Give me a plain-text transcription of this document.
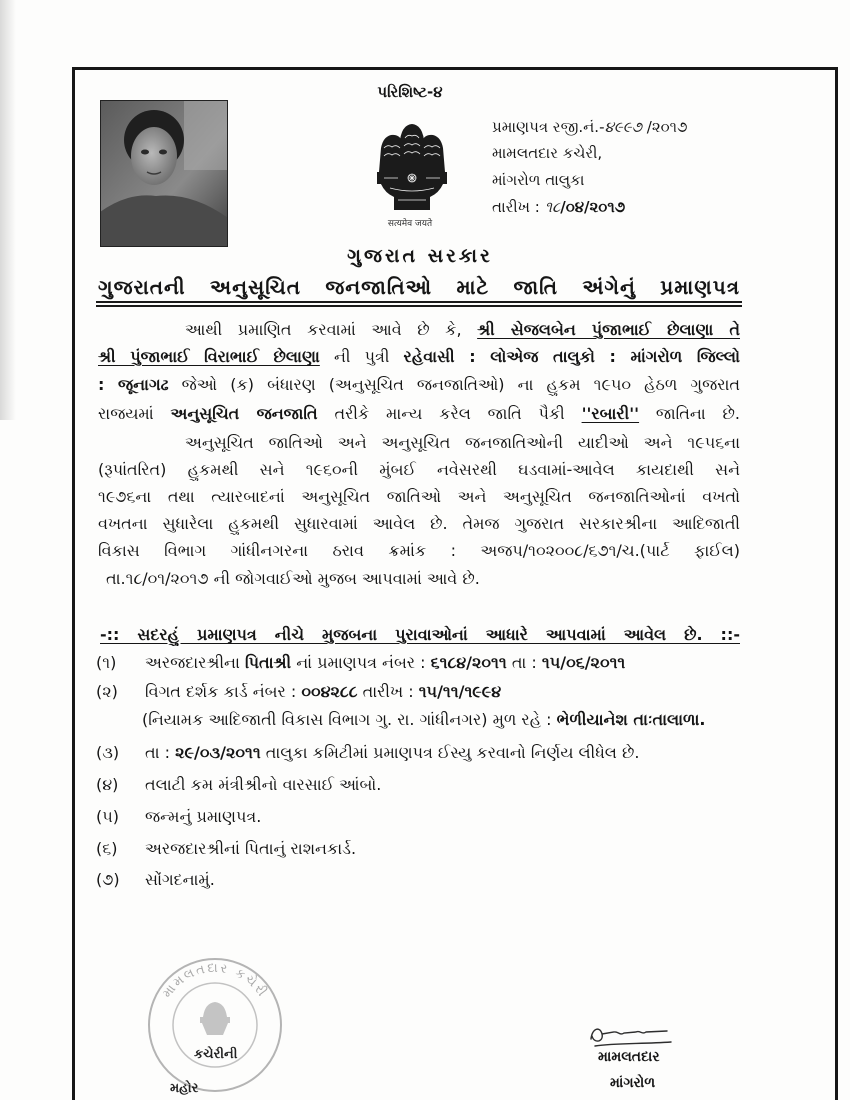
પરિશિષ્ટ-૪
सत्यमेव जयते
પ્રમાણપત્ર રજી.નં.-૪૯૯૭ /૨૦૧૭
મામલતદાર કચેરી,
માંગરોળ તાલુકા
તારીખ : ૧૮/૦૪/૨૦૧૭
ગુજરાત સરકાર
ગુજરાતની અનુસૂચિત જનજાતિઓ માટે જાતિ અંગેનું પ્રમાણપત્ર
આથી પ્રમાણિત કરવામાં આવે છે કે, શ્રી સેજલબેન પુંજાભાઈ છેલાણા તે
શ્રી પુંજાભાઈ વિરાભાઈ છેલાણા ની પુત્રી રહેવાસી : લોએજ તાલુકો : માંગરોળ જિલ્લો
: જૂનાગઢ જેઓ (ક) બંધારણ (અનુસૂચિત જનજાતિઓ) ના હુકમ ૧૯૫૦ હેઠળ ગુજરાત
રાજયમાં અનુસૂચિત જનજાતિ તરીકે માન્ય કરેલ જાતિ પૈકી ''રબારી'' જાતિના છે.
અનુસૂચિત જાતિઓ અને અનુસૂચિત જનજાતિઓની યાદીઓ અને ૧૯૫૬ના
(રૂપાંતરિત) હુકમથી સને ૧૯૬૦ની મુંબઈ નવેસરથી ઘડવામાં-આવેલ કાયદાથી સને
૧૯૭૬ના તથા ત્યારબાદનાં અનુસૂચિત જાતિઓ અને અનુસૂચિત જનજાતિઓનાં વખતો
વખતના સુધારેલા હુકમથી સુધારવામાં આવેલ છે. તેમજ ગુજરાત સરકારશ્રીના આદિજાતી
વિકાસ વિભાગ ગાંધીનગરના ઠરાવ ક્રમાંક : અજપ/૧૦૨૦૦૮/૬૭૧/ચ.(પાર્ટ ફાઈલ)
તા.૧૮/૦૧/૨૦૧૭ ની જોગવાઈઓ મુજબ આપવામાં આવે છે.
-:: સદરહું પ્રમાણપત્ર નીચે મુજબના પુરાવાઓનાં આધારે આપવામાં આવેલ છે. ::-
(૧)	અરજદારશ્રીના પિતાશ્રી નાં પ્રમાણપત્ર નંબર : ૬૧૮૪/૨૦૧૧ તા : ૧૫/૦૬/૨૦૧૧
(૨)	વિગત દર્શક કાર્ડ નંબર : ૦૦૪૨૮૮ તારીખ : ૧૫/૧૧/૧૯૯૪
(નિયામક આદિજાતી વિકાસ વિભાગ ગુ. રા. ગાંધીનગર) મુળ રહે : ભેળીયાનેશ તાઃતાલાળા.
(૩)	તા : ૨૯/૦૩/૨૦૧૧ તાલુકા કમિટીમાં પ્રમાણપત્ર ઈસ્યુ કરવાનો નિર્ણય લીધેલ છે.
(૪)	તલાટી કમ મંત્રીશ્રીનો વારસાઈ આંબો.
(૫)	જન્મનું પ્રમાણપત્ર.
(૬)	અરજદારશ્રીનાં પિતાનું રાશનકાર્ડ.
(૭)	સોંગદનામું.
મામલતદાર કચેરી
કચેરીની
મહોર
મામલતદાર
માંગરોળ
